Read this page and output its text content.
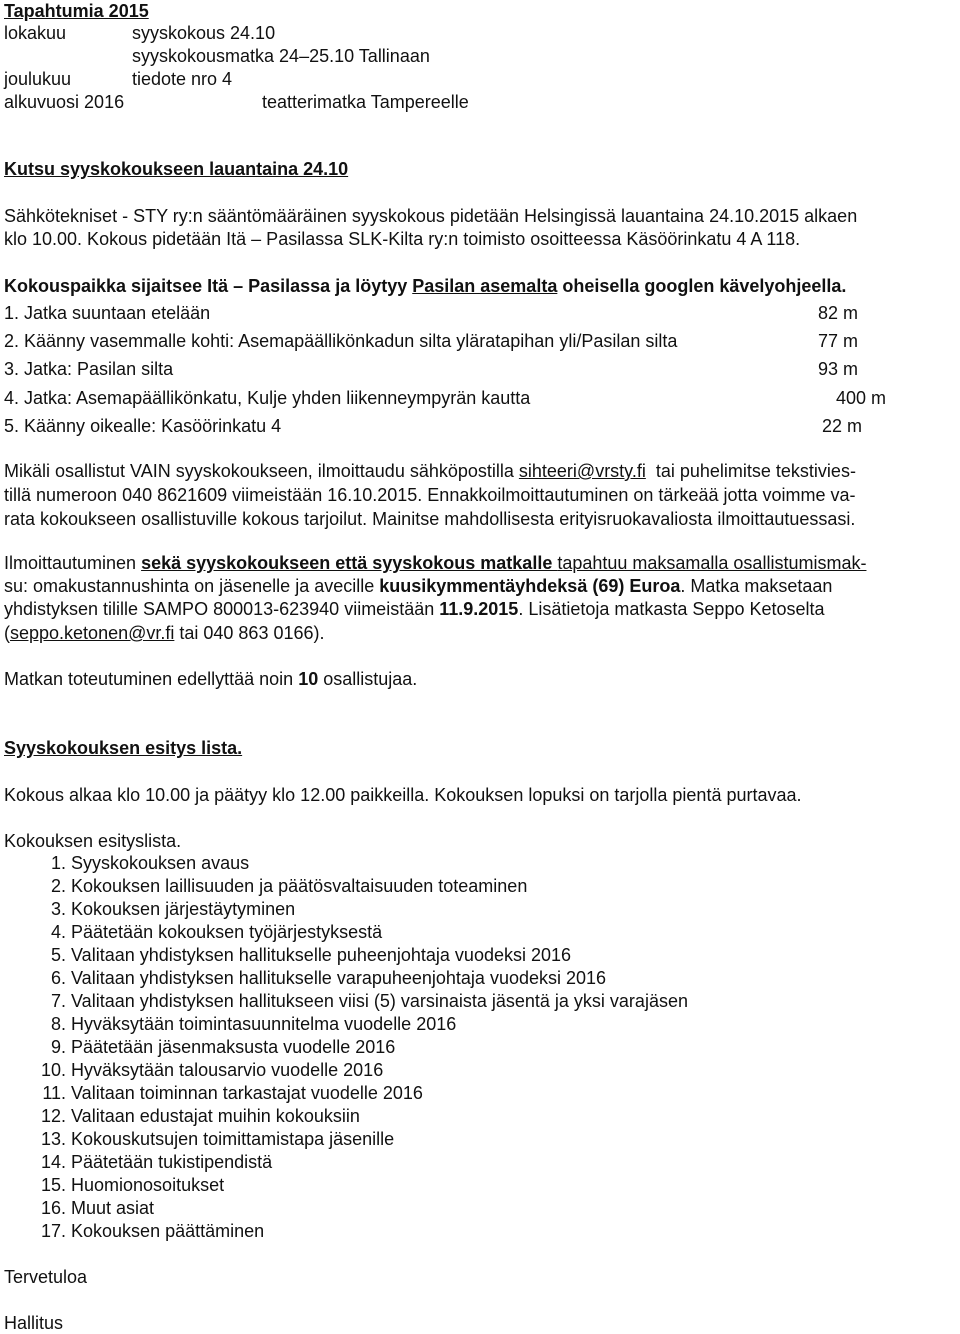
Tapahtumia 2015
lokakuu	syyskokous 24.10
syyskokousmatka 24–25.10 Tallinaan
joulukuu	tiedote nro 4
alkuvuosi 2016	teatterimatka Tampereelle
Kutsu syyskokoukseen lauantaina 24.10
Sähkötekniset - STY ry:n sääntömääräinen syyskokous pidetään Helsingissä lauantaina 24.10.2015 alkaen
klo 10.00. Kokous pidetään Itä – Pasilassa SLK-Kilta ry:n toimisto osoitteessa Käsöörinkatu 4 A 118.
Kokouspaikka sijaitsee Itä – Pasilassa ja löytyy Pasilan asemalta oheisella googlen kävelyohjeella.
1. Jatka suuntaan etelään	82 m
2. Käänny vasemmalle kohti: Asemapäällikönkadun silta yläratapihan yli/Pasilan silta	77 m
3. Jatka: Pasilan silta	93 m
4. Jatka: Asemapäällikönkatu, Kulje yhden liikenneympyrän kautta	400 m
5. Käänny oikealle: Kasöörinkatu 4	22 m
Mikäli osallistut VAIN syyskokoukseen, ilmoittaudu sähköpostilla sihteeri@vrsty.fi  tai puhelimitse tekstivies-
tillä numeroon 040 8621609 viimeistään 16.10.2015. Ennakkoilmoittautuminen on tärkeää jotta voimme va-
rata kokoukseen osallistuville kokous tarjoilut. Mainitse mahdollisesta erityisruokavaliosta ilmoittautuessasi.
Ilmoittautuminen sekä syyskokoukseen että syyskokous matkalle tapahtuu maksamalla osallistumismak-
su: omakustannushinta on jäsenelle ja avecille kuusikymmentäyhdeksä (69) Euroa. Matka maksetaan
yhdistyksen tilille SAMPO 800013-623940 viimeistään 11.9.2015. Lisätietoja matkasta Seppo Ketoselta
(seppo.ketonen@vr.fi tai 040 863 0166).
Matkan toteutuminen edellyttää noin 10 osallistujaa.
Syyskokouksen esitys lista.
Kokous alkaa klo 10.00 ja päätyy klo 12.00 paikkeilla. Kokouksen lopuksi on tarjolla pientä purtavaa.
Kokouksen esityslista.
1. Syyskokouksen avaus
2. Kokouksen laillisuuden ja päätösvaltaisuuden toteaminen
3. Kokouksen järjestäytyminen
4. Päätetään kokouksen työjärjestyksestä
5. Valitaan yhdistyksen hallitukselle puheenjohtaja vuodeksi 2016
6. Valitaan yhdistyksen hallitukselle varapuheenjohtaja vuodeksi 2016
7. Valitaan yhdistyksen hallitukseen viisi (5) varsinaista jäsentä ja yksi varajäsen
8. Hyväksytään toimintasuunnitelma vuodelle 2016
9. Päätetään jäsenmaksusta vuodelle 2016
10. Hyväksytään talousarvio vuodelle 2016
11. Valitaan toiminnan tarkastajat vuodelle 2016
12. Valitaan edustajat muihin kokouksiin
13. Kokouskutsujen toimittamistapa jäsenille
14. Päätetään tukistipendistä
15. Huomionosoitukset
16. Muut asiat
17. Kokouksen päättäminen
Tervetuloa
Hallitus
